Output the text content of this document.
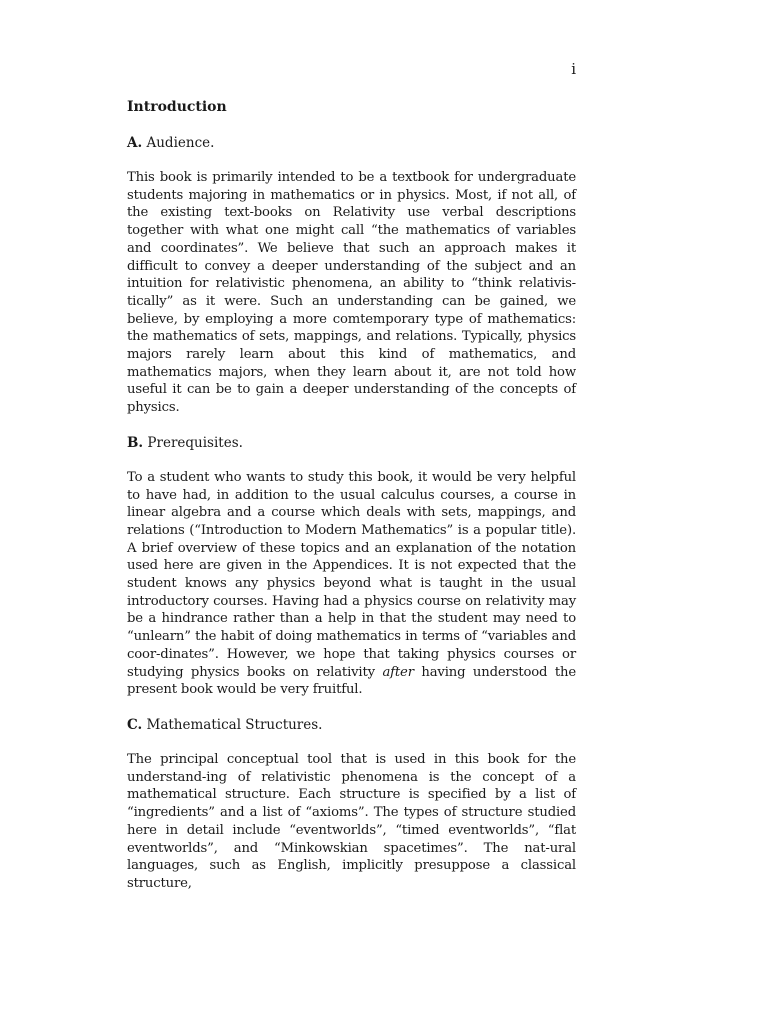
i
Introduction
A. Audience.

This book is primarily intended to be a textbook for undergraduate students majoring in mathematics or in physics. Most, if not all, of the existing text-books on Relativity use verbal descriptions together with what one might call “the mathematics of variables and coordinates”. We believe that such an approach makes it difficult to convey a deeper understanding of the subject and an intuition for relativistic phenomena, an ability to “think relativis-tically” as it were. Such an understanding can be gained, we believe, by employing a more comtemporary type of mathematics: the mathematics of sets, mappings, and relations. Typically, physics majors rarely learn about this kind of mathematics, and mathematics majors, when they learn about it, are not told how useful it can be to gain a deeper understanding of the concepts of physics.

B. Prerequisites.

To a student who wants to study this book, it would be very helpful to have had, in addition to the usual calculus courses, a course in linear algebra and a course which deals with sets, mappings, and relations (“Introduction to Modern Mathematics” is a popular title). A brief overview of these topics and an explanation of the notation used here are given in the Appendices. It is not expected that the student knows any physics beyond what is taught in the usual introductory courses. Having had a physics course on relativity may be a hindrance rather than a help in that the student may need to “unlearn” the habit of doing mathematics in terms of “variables and coor-dinates”. However, we hope that taking physics courses or studying physics books on relativity after having understood the present book would be very fruitful.

C. Mathematical Structures.

The principal conceptual tool that is used in this book for the understand-ing of relativistic phenomena is the concept of a mathematical structure. Each structure is specified by a list of “ingredients” and a list of “axioms”. The types of structure studied here in detail include “eventworlds”, “timed eventworlds”, “flat eventworlds”, and “Minkowskian spacetimes”. The nat-ural languages, such as English, implicitly presuppose a classical structure,
